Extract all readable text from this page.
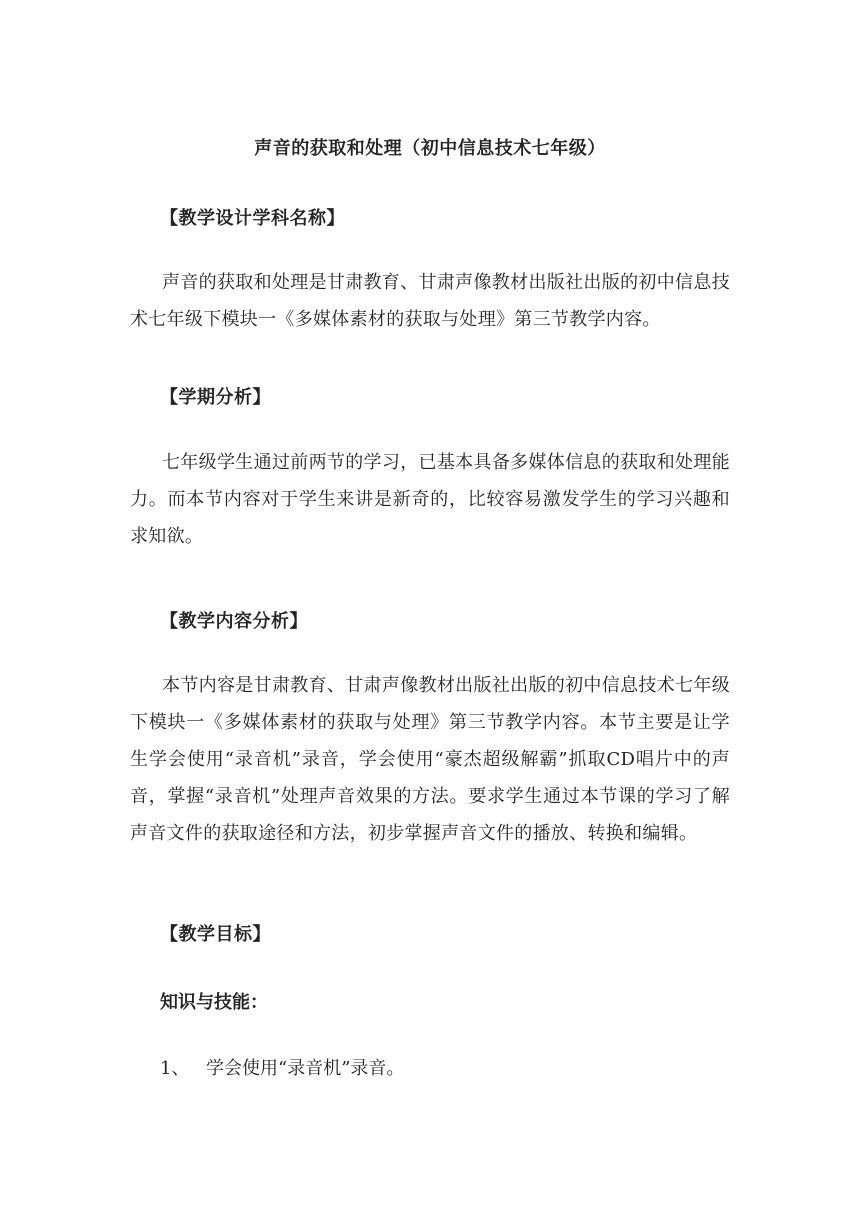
声音的获取和处理（初中信息技术七年级）
【教学设计学科名称】
声音的获取和处理是甘肃教育、甘肃声像教材出版社出版的初中信息技术七年级下模块一《多媒体素材的获取与处理》第三节教学内容。
【学期分析】
七年级学生通过前两节的学习，已基本具备多媒体信息的获取和处理能力。而本节内容对于学生来讲是新奇的，比较容易激发学生的学习兴趣和求知欲。
【教学内容分析】
本节内容是甘肃教育、甘肃声像教材出版社出版的初中信息技术七年级下模块一《多媒体素材的获取与处理》第三节教学内容。本节主要是让学生学会使用“录音机”录音，学会使用“豪杰超级解霸”抓取CD唱片中的声音，掌握“录音机”处理声音效果的方法。要求学生通过本节课的学习了解声音文件的获取途径和方法，初步掌握声音文件的播放、转换和编辑。
【教学目标】
知识与技能：
1、 学会使用“录音机”录音。
